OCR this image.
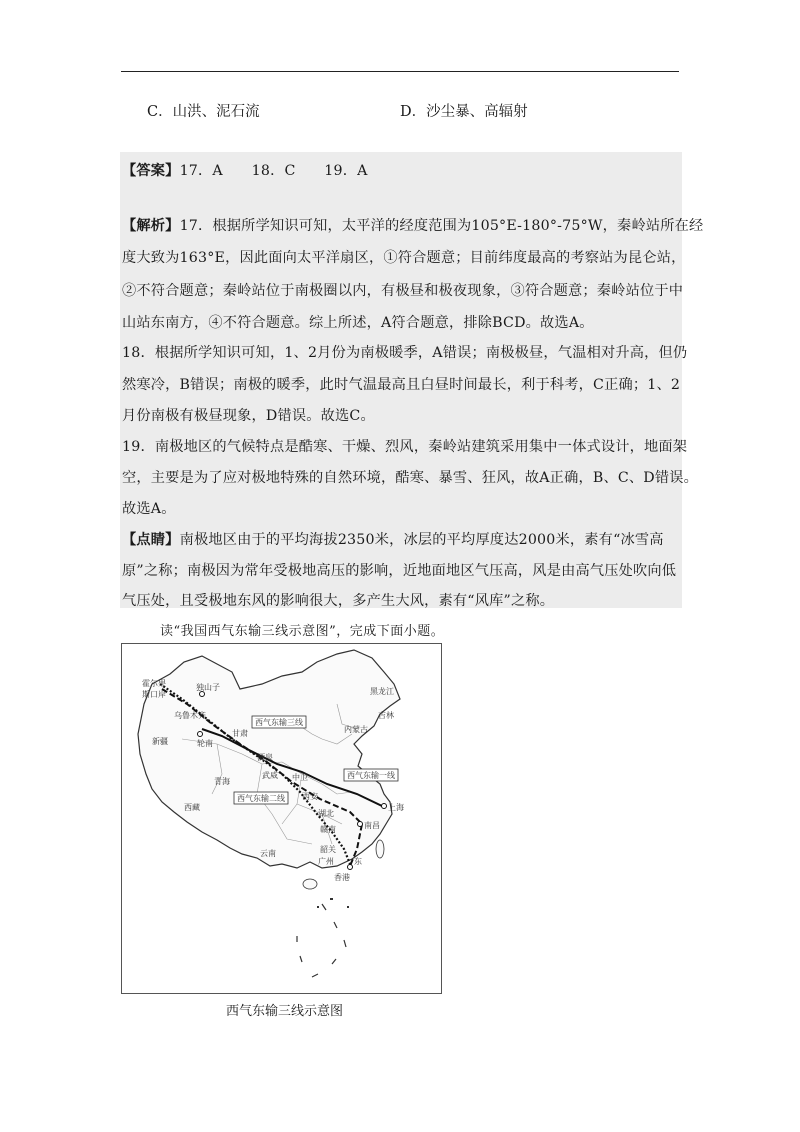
C．山洪、泥石流	D．沙尘暴、高辐射
【答案】17．A　　18．C　　19．A
【解析】17．根据所学知识可知，太平洋的经度范围为105°E-180°-75°W，秦岭站所在经
度大致为163°E，因此面向太平洋扇区，①符合题意；目前纬度最高的考察站为昆仑站，
②不符合题意；秦岭站位于南极圈以内，有极昼和极夜现象，③符合题意；秦岭站位于中
山站东南方，④不符合题意。综上所述，A符合题意，排除BCD。故选A。
18．根据所学知识可知，1、2月份为南极暖季，A错误；南极极昼，气温相对升高，但仍
然寒冷，B错误；南极的暖季，此时气温最高且白昼时间最长，利于科考，C正确；1、2
月份南极有极昼现象，D错误。故选C。
19．南极地区的气候特点是酷寒、干燥、烈风，秦岭站建筑采用集中一体式设计，地面架
空，主要是为了应对极地特殊的自然环境，酷寒、暴雪、狂风，故A正确，B、C、D错误。
故选A。
【点睛】南极地区由于的平均海拔2350米，冰层的平均厚度达2000米，素有“冰雪高
原”之称；南极因为常年受极地高压的影响，近地面地区气压高，风是由高气压处吹向低
气压处，且受极地东风的影响很大，多产生大风，素有“风库”之称。
读“我国西气东输三线示意图”，完成下面小题。
霍尔果
斯口岸
独山子
乌鲁木齐
新疆	轮南
甘肃
酒泉
武威 中卫
西安
青海
西藏
内蒙古
黑龙江
吉林
上海
湖北
南昌
赣南
韶关
广州	东
香港
云南
西气东输三线
西气东输一线
西气东输二线
西气东输三线示意图
